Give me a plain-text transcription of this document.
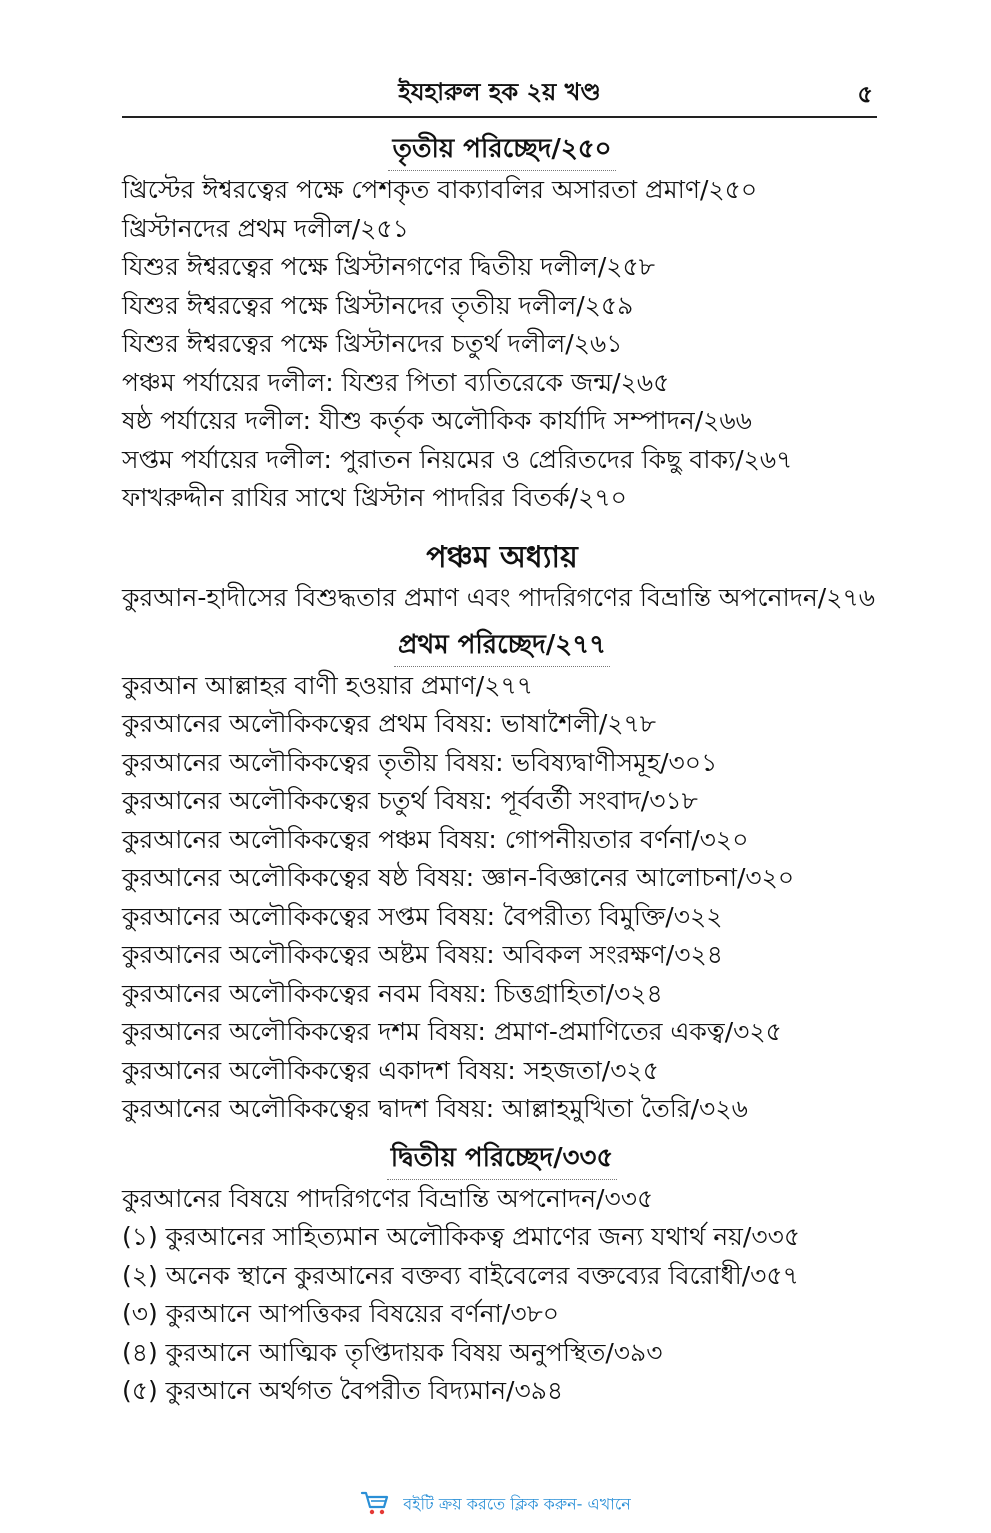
ইযহারুল হক ২য় খণ্ড	৫
তৃতীয় পরিচ্ছেদ/২৫০
খ্রিস্টের ঈশ্বরত্বের পক্ষে পেশকৃত বাক্যাবলির অসারতা প্রমাণ/২৫০
খ্রিস্টানদের প্রথম দলীল/২৫১
যিশুর ঈশ্বরত্বের পক্ষে খ্রিস্টানগণের দ্বিতীয় দলীল/২৫৮
যিশুর ঈশ্বরত্বের পক্ষে খ্রিস্টানদের তৃতীয় দলীল/২৫৯
যিশুর ঈশ্বরত্বের পক্ষে খ্রিস্টানদের চতুর্থ দলীল/২৬১
পঞ্চম পর্যায়ের দলীল: যিশুর পিতা ব্যতিরেকে জন্ম/২৬৫
ষষ্ঠ পর্যায়ের দলীল: যীশু কর্তৃক অলৌকিক কার্যাদি সম্পাদন/২৬৬
সপ্তম পর্যায়ের দলীল: পুরাতন নিয়মের ও প্রেরিতদের কিছু বাক্য/২৬৭
ফাখরুদ্দীন রাযির সাথে খ্রিস্টান পাদরির বিতর্ক/২৭০
পঞ্চম অধ্যায়
কুরআন-হাদীসের বিশুদ্ধতার প্রমাণ এবং পাদরিগণের বিভ্রান্তি অপনোদন/২৭৬
প্রথম পরিচ্ছেদ/২৭৭
কুরআন আল্লাহর বাণী হওয়ার প্রমাণ/২৭৭
কুরআনের অলৌকিকত্বের প্রথম বিষয়: ভাষাশৈলী/২৭৮
কুরআনের অলৌকিকত্বের তৃতীয় বিষয়: ভবিষ্যদ্বাণীসমূহ/৩০১
কুরআনের অলৌকিকত্বের চতুর্থ বিষয়: পূর্ববর্তী সংবাদ/৩১৮
কুরআনের অলৌকিকত্বের পঞ্চম বিষয়: গোপনীয়তার বর্ণনা/৩২০
কুরআনের অলৌকিকত্বের ষষ্ঠ বিষয়: জ্ঞান-বিজ্ঞানের আলোচনা/৩২০
কুরআনের অলৌকিকত্বের সপ্তম বিষয়: বৈপরীত্য বিমুক্তি/৩২২
কুরআনের অলৌকিকত্বের অষ্টম বিষয়: অবিকল সংরক্ষণ/৩২৪
কুরআনের অলৌকিকত্বের নবম বিষয়: চিত্তগ্রাহিতা/৩২৪
কুরআনের অলৌকিকত্বের দশম বিষয়: প্রমাণ-প্রমাণিতের একত্ব/৩২৫
কুরআনের অলৌকিকত্বের একাদশ বিষয়: সহজতা/৩২৫
কুরআনের অলৌকিকত্বের দ্বাদশ বিষয়: আল্লাহমুখিতা তৈরি/৩২৬
দ্বিতীয় পরিচ্ছেদ/৩৩৫
কুরআনের বিষয়ে পাদরিগণের বিভ্রান্তি অপনোদন/৩৩৫
(১) কুরআনের সাহিত্যমান অলৌকিকত্ব প্রমাণের জন্য যথার্থ নয়/৩৩৫
(২) অনেক স্থানে কুরআনের বক্তব্য বাইবেলের বক্তব্যের বিরোধী/৩৫৭
(৩) কুরআনে আপত্তিকর বিষয়ের বর্ণনা/৩৮০
(৪) কুরআনে আত্মিক তৃপ্তিদায়ক বিষয় অনুপস্থিত/৩৯৩
(৫) কুরআনে অর্থগত বৈপরীত বিদ্যমান/৩৯৪
বইটি ক্রয় করতে ক্লিক করুন- এখানে
